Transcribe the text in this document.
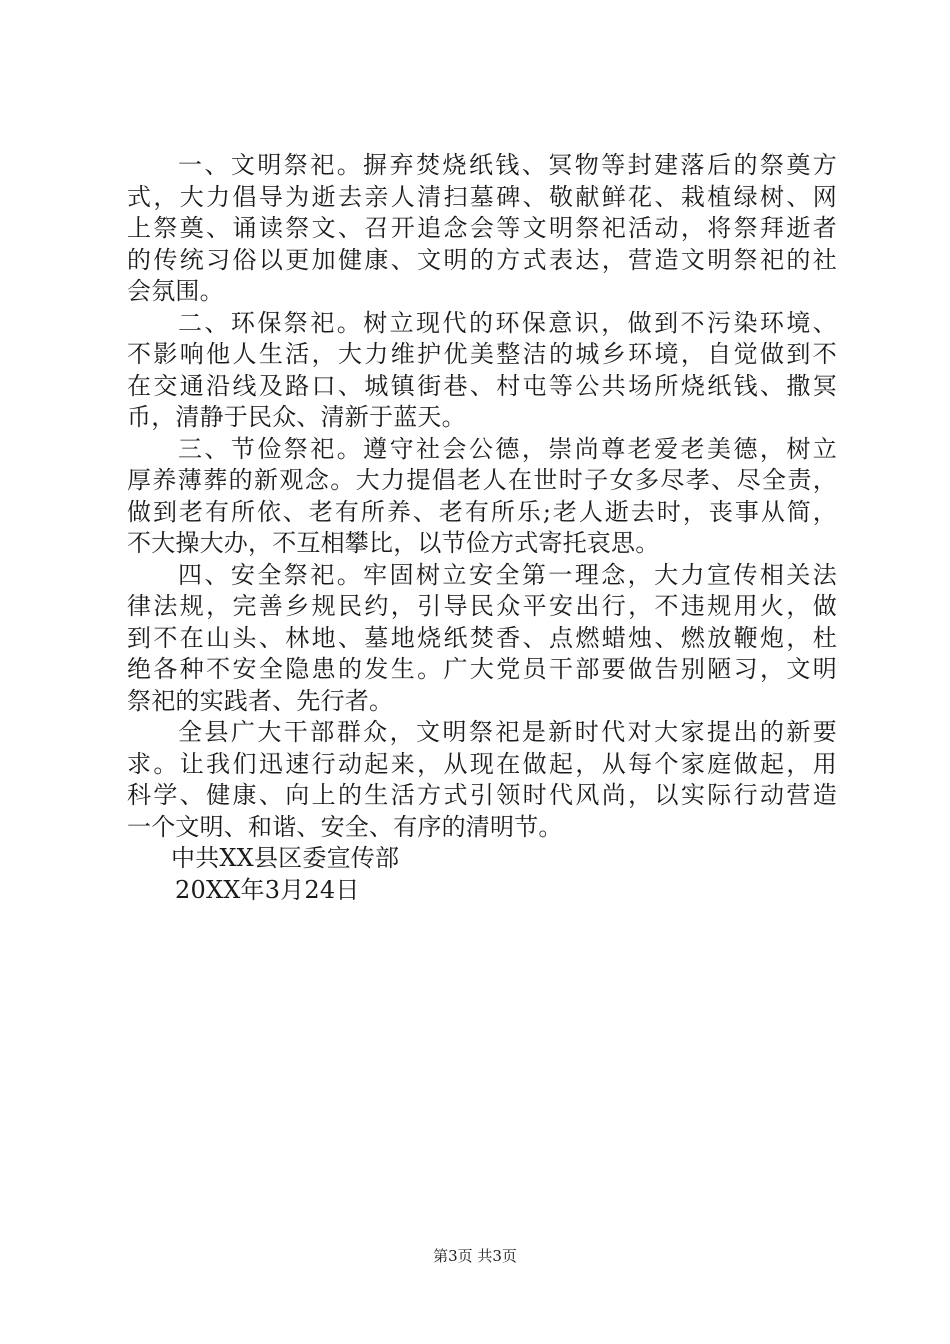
一、文明祭祀。摒弃焚烧纸钱、冥物等封建落后的祭奠方
式，大力倡导为逝去亲人清扫墓碑、敬献鲜花、栽植绿树、网
上祭奠、诵读祭文、召开追念会等文明祭祀活动，将祭拜逝者
的传统习俗以更加健康、文明的方式表达，营造文明祭祀的社
会氛围。
二、环保祭祀。树立现代的环保意识，做到不污染环境、
不影响他人生活，大力维护优美整洁的城乡环境，自觉做到不
在交通沿线及路口、城镇街巷、村屯等公共场所烧纸钱、撒冥
币，清静于民众、清新于蓝天。
三、节俭祭祀。遵守社会公德，崇尚尊老爱老美德，树立
厚养薄葬的新观念。大力提倡老人在世时子女多尽孝、尽全责，
做到老有所依、老有所养、老有所乐;老人逝去时，丧事从简，
不大操大办，不互相攀比，以节俭方式寄托哀思。
四、安全祭祀。牢固树立安全第一理念，大力宣传相关法
律法规，完善乡规民约，引导民众平安出行，不违规用火，做
到不在山头、林地、墓地烧纸焚香、点燃蜡烛、燃放鞭炮，杜
绝各种不安全隐患的发生。广大党员干部要做告别陋习，文明
祭祀的实践者、先行者。
全县广大干部群众，文明祭祀是新时代对大家提出的新要
求。让我们迅速行动起来，从现在做起，从每个家庭做起，用
科学、健康、向上的生活方式引领时代风尚，以实际行动营造
一个文明、和谐、安全、有序的清明节。
中共XX县区委宣传部
20XX年3月24日
第3页 共3页
